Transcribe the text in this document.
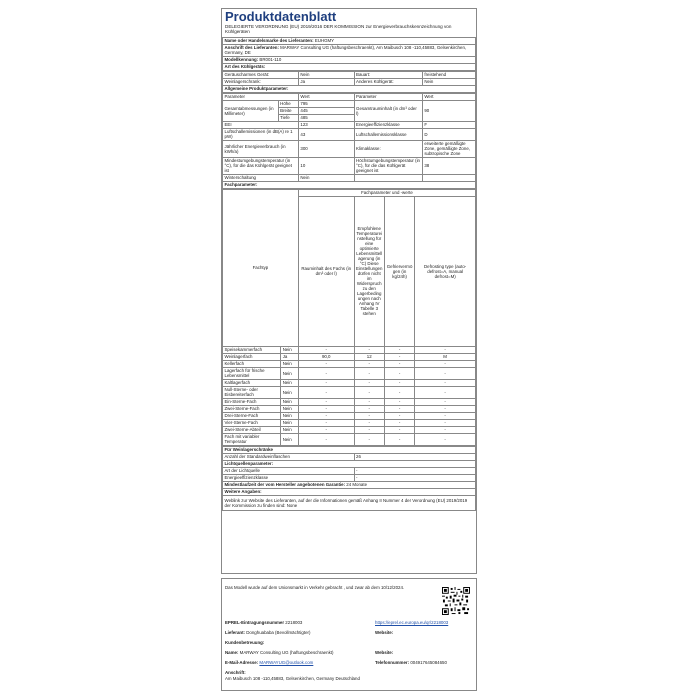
Produktdatenblatt
DELEGIERTE VERORDNUNG (EU) 2019/2016 DER KOMMISSION zur Energieverbrauchskennzeichnung von Kühlgeräten
Name oder Handelsmarke des Lieferanten: EUHGMY
Anschrift des Lieferanten: MARWAY Consulting UG (haftungsbeschraenkt), Am Maibusch 108 -110,45883, Gelsenkirchen, Germany, DE
Modellkennung: BR001-110
Art des Kühlgeräts:
Geräuscharmes Gerät:	Nein	Bauart:	freistehend
Weinlagerschrank:	Ja	Anderes Kühlgerät:	Nein
Allgemeine Produktparameter:			
Parameter		Wert	Parameter	Wert
Gesamtabmessungen (in Millimeter)	Höhe	795	Gesamtrauminhalt (in dm³ oder l)	90
	Breite	445		
	Tiefe	485		
EEI		123	Energieeffizienzklasse	F
Luftschallemissionen (in dB(A) re 1 pW)		43	Luftschallemissionsklasse	D
Jährlicher Energieverbrauch (in kWh/a)		300	Klimaklasse:	erweiterte gemäßigte Zone, gemäßigte Zone, subtropische Zone
Mindestumgebungstemperatur (in °C), für die das Kühlgerät geeignet ist		10	Höchstumgebungstemperatur (in °C), für die das Kühlgerät geeignet ist	38
Winterschaltung		Nein		
Fachparameter:				
Fachtyp		Fachparameter und -werte			
		Rauminhalt des Fachs (in dm³ oder l)	Empfohlene Temperatureinstellung für eine optimierte Lebensmittellagerung (in °C) Diese Einstellungen dürfen nicht im Widerspruch zu den Lagerbedingungen nach Anhang IV Tabelle 3 stehen	Gefriervermögen (in kg/24h)	Defrosting type (auto-defrost=A, manual defrost=M)
Speisekammerfach	Nein	-	-	-	-
Weinlagerfach	Ja	90,0	12	-	M
Kellerfach	Nein	-	-	-	-
Lagerfach für frische Lebensmittel	Nein	-	-	-	-
Kaltlagerfach	Nein	-	-	-	-
Null-Sterne- oder Eisbereiterfach	Nein	-	-	-	-
Ein-Sterne-Fach	Nein	-	-	-	-
Zwei-Sterne-Fach	Nein	-	-	-	-
Drei-Sterne-Fach	Nein	-	-	-	-
Vier-Sterne-Fach	Nein	-	-	-	-
Zwei-Sterne-Abteil	Nein	-	-	-	-
Fach mit variabler Temperatur	Nein	-	-	-	-
Für Weinlagerschränke	
Anzahl der Standardweinflaschen	26
Lichtquellenparameter:	
Art der Lichtquelle	-
Energieeffizienzklasse	-
Mindestlaufzeit der vom Hersteller angebotenen Garantie: 24 Monate	
Weitere Angaben:	
Weblink zur Website des Lieferanten, auf der die Informationen gemäß Anhang II Nummer 4 der Verordnung (EU) 2019/2019 der Kommission zu finden sind: None	
Das Modell wurde auf dem Unionsmarkt in Verkehr gebracht , und zwar ab dem 10/12/2024.
EPREL-Eintragungsnummer 2218003	https://eprel.ec.europa.eu/qr/2218003
Lieferant: Donghuababa (Bevollmächtigter)	Website:
Kundenbetreuung:
Name: MARWAY Consulting UG (haftungsbeschraenkt)	Website:
E-Mail-Adresse: MARWAYUG@outlook.com	Telefonnummer: 004917645084650
Anschrift:
Am Maibusch 108 -110,45883, Gelsenkirchen, Germany Deutschland
